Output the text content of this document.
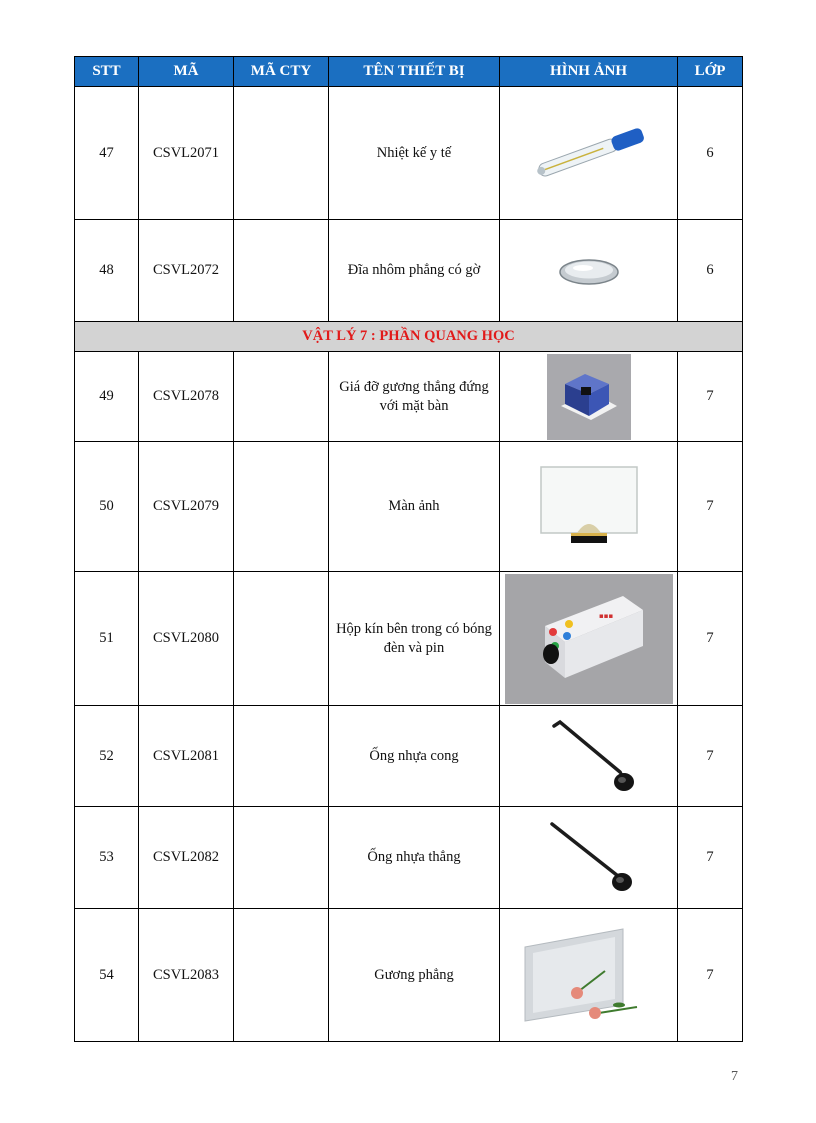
STT	MÃ	MÃ CTY	TÊN THIẾT BỊ	HÌNH ẢNH	LỚP
47	CSVL2071		Nhiệt kế y tế		6
48	CSVL2072		Đĩa nhôm phẳng có gờ		6
VẬT LÝ 7 : PHẦN QUANG HỌC					
49	CSVL2078		Giá đỡ gương thẳng đứng với mặt bàn		7
50	CSVL2079		Màn ảnh		7
51	CSVL2080		Hộp kín bên trong có bóng đèn và pin	▪▪▪	7
52	CSVL2081		Ống nhựa cong		7
53	CSVL2082		Ống nhựa thẳng		7
54	CSVL2083		Gương phẳng		7
7
